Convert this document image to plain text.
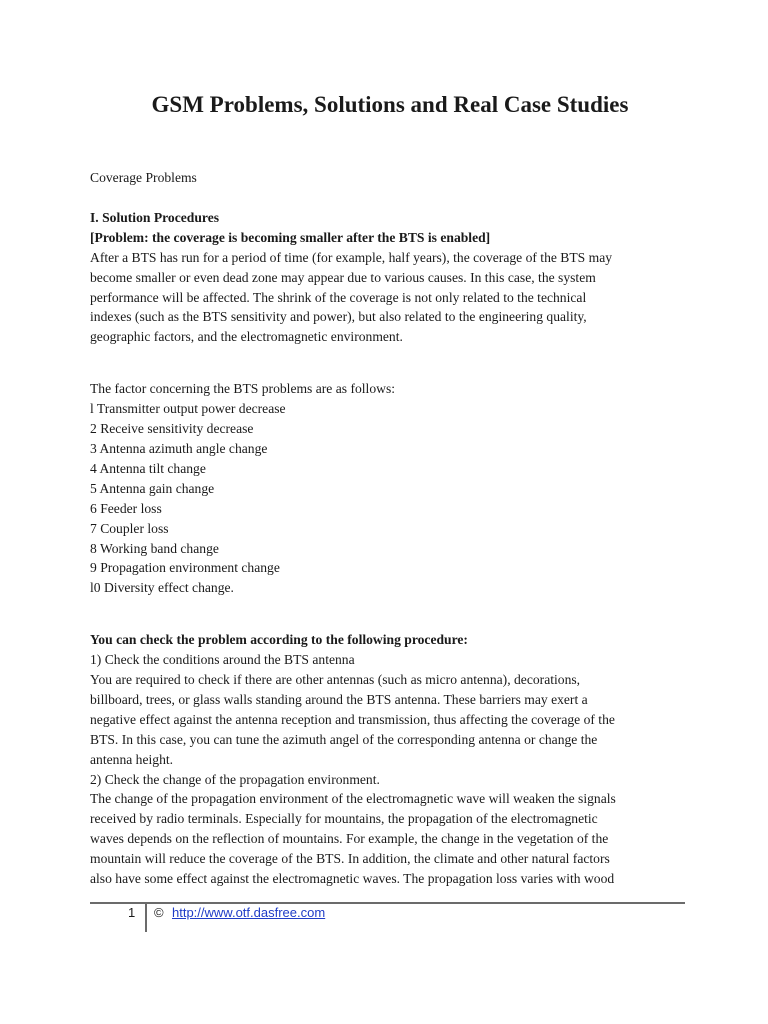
GSM Problems, Solutions and Real Case Studies
Coverage Problems
I. Solution Procedures
[Problem: the coverage is becoming smaller after the BTS is enabled]
After a BTS has run for a period of time (for example, half years), the coverage of the BTS may
become smaller or even dead zone may appear due to various causes. In this case, the system
performance will be affected. The shrink of the coverage is not only related to the technical
indexes (such as the BTS sensitivity and power), but also related to the engineering quality,
geographic factors, and the electromagnetic environment.
The factor concerning the BTS problems are as follows:
l Transmitter output power decrease
2 Receive sensitivity decrease
3 Antenna azimuth angle change
4 Antenna tilt change
5 Antenna gain change
6 Feeder loss
7 Coupler loss
8 Working band change
9 Propagation environment change
l0 Diversity effect change.
You can check the problem according to the following procedure:
1) Check the conditions around the BTS antenna
You are required to check if there are other antennas (such as micro antenna), decorations,
billboard, trees, or glass walls standing around the BTS antenna. These barriers may exert a
negative effect against the antenna reception and transmission, thus affecting the coverage of the
BTS. In this case, you can tune the azimuth angel of the corresponding antenna or change the
antenna height.
2) Check the change of the propagation environment.
The change of the propagation environment of the electromagnetic wave will weaken the signals
received by radio terminals. Especially for mountains, the propagation of the electromagnetic
waves depends on the reflection of mountains. For example, the change in the vegetation of the
mountain will reduce the coverage of the BTS. In addition, the climate and other natural factors
also have some effect against the electromagnetic waves. The propagation loss varies with wood
1 © http://www.otf.dasfree.com
